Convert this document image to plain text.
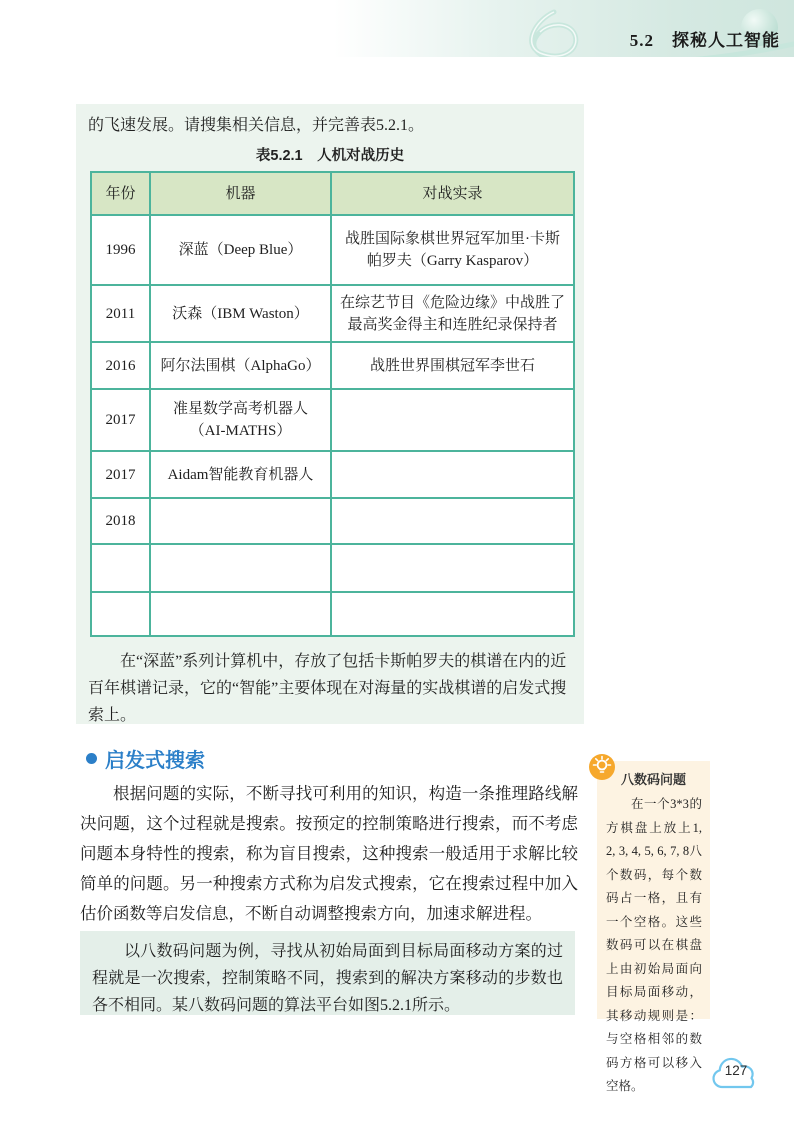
5.2　探秘人工智能
的飞速发展。请搜集相关信息，并完善表5.2.1。
表5.2.1　人机对战历史
年份	机器	对战实录
1996	深蓝（Deep Blue）	战胜国际象棋世界冠军加里·卡斯帕罗夫（Garry Kasparov）
2011	沃森（IBM Waston）	在综艺节目《危险边缘》中战胜了最高奖金得主和连胜纪录保持者
2016	阿尔法围棋（AlphaGo）	战胜世界围棋冠军李世石
2017	准星数学高考机器人（AI-MATHS）	
2017	Aidam智能教育机器人	
2018		

在“深蓝”系列计算机中，存放了包括卡斯帕罗夫的棋谱在内的近百年棋谱记录，它的“智能”主要体现在对海量的实战棋谱的启发式搜索上。
启发式搜索
根据问题的实际，不断寻找可利用的知识，构造一条推理路线解决问题，这个过程就是搜索。按预定的控制策略进行搜索，而不考虑问题本身特性的搜索，称为盲目搜索，这种搜索一般适用于求解比较简单的问题。另一种搜索方式称为启发式搜索，它在搜索过程中加入估价函数等启发信息，不断自动调整搜索方向，加速求解进程。
以八数码问题为例，寻找从初始局面到目标局面移动方案的过程就是一次搜索，控制策略不同，搜索到的解决方案移动的步数也各不相同。某八数码问题的算法平台如图5.2.1所示。
八数码问题
在一个3*3的方棋盘上放上1, 2, 3, 4, 5, 6, 7, 8八个数码，每个数码占一格，且有一个空格。这些数码可以在棋盘上由初始局面向目标局面移动，其移动规则是：与空格相邻的数码方格可以移入空格。
127
